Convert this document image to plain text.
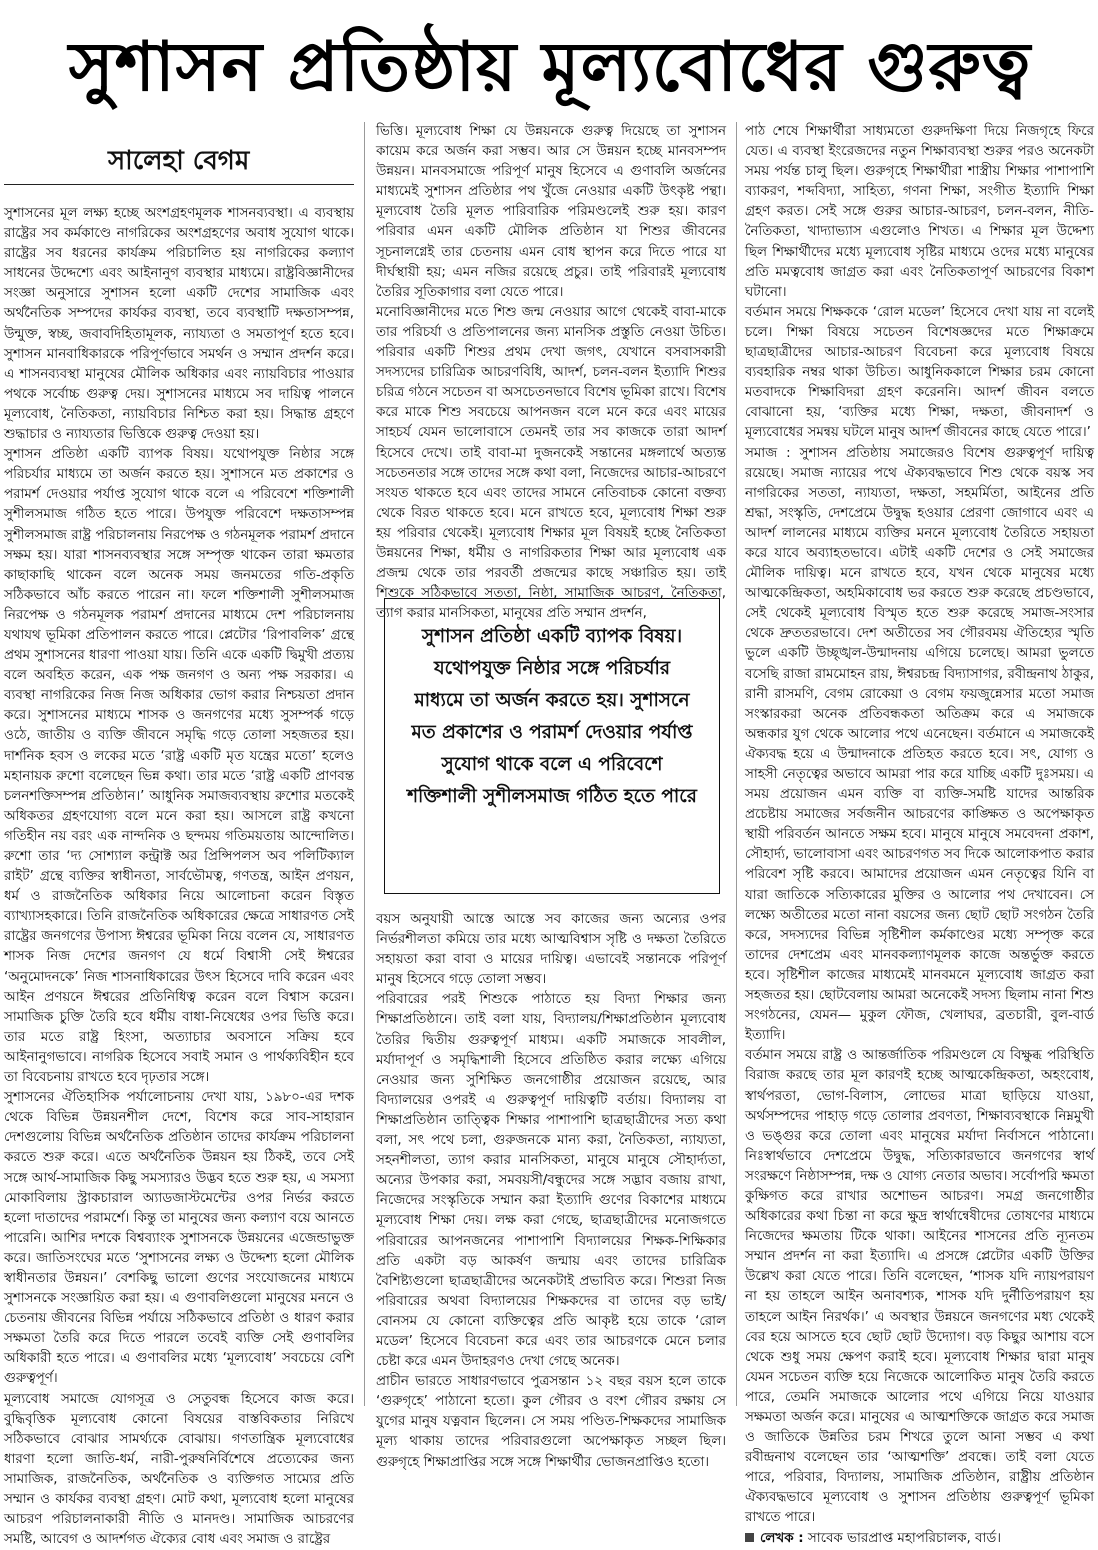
সুশাসন প্রতিষ্ঠায় মূল্যবোধের গুরুত্ব
সালেহা বেগম

সুশাসনের মূল লক্ষ্য হচ্ছে অংশগ্রহণমূলক শাসনব্যবস্থা। এ ব্যবস্থায় রাষ্ট্রের সব কর্মকাণ্ডে নাগরিকের অংশগ্রহণের অবাধ সুযোগ থাকে। রাষ্ট্রের সব ধরনের কার্যক্রম পরিচালিত হয় নাগরিকের কল্যাণ সাধনের উদ্দেশ্যে এবং আইনানুগ ব্যবস্থার মাধ্যমে। রাষ্ট্রবিজ্ঞানীদের সংজ্ঞা অনুসারে সুশাসন হলো একটি দেশের সামাজিক এবং অর্থনৈতিক সম্পদের কার্যকর ব্যবস্থা, তবে ব্যবস্থাটি দক্ষতাসম্পন্ন, উন্মুক্ত, স্বচ্ছ, জবাবদিহিতামূলক, ন্যায্যতা ও সমতাপূর্ণ হতে হবে। সুশাসন মানবাধিকারকে পরিপূর্ণভাবে সমর্থন ও সম্মান প্রদর্শন করে। এ শাসনব্যবস্থা মানুষের মৌলিক অধিকার এবং ন্যায়বিচার পাওয়ার পথকে সর্বোচ্চ গুরুত্ব দেয়। সুশাসনের মাধ্যমে সব দায়িত্ব পালনে মূল্যবোধ, নৈতিকতা, ন্যায়বিচার নিশ্চিত করা হয়। সিদ্ধান্ত গ্রহণে শুদ্ধাচার ও ন্যায্যতার ভিত্তিকে গুরুত্ব দেওয়া হয়।

সুশাসন প্রতিষ্ঠা একটি ব্যাপক বিষয়। যথোপযুক্ত নিষ্ঠার সঙ্গে পরিচর্যার মাধ্যমে তা অর্জন করতে হয়। সুশাসনে মত প্রকাশের ও পরামর্শ দেওয়ার পর্যাপ্ত সুযোগ থাকে বলে এ পরিবেশে শক্তিশালী সুশীলসমাজ গঠিত হতে পারে। উপযুক্ত পরিবেশে দক্ষতাসম্পন্ন সুশীলসমাজ রাষ্ট্র পরিচালনায় নিরপেক্ষ ও গঠনমূলক পরামর্শ প্রদানে সক্ষম হয়। যারা শাসনব্যবস্থার সঙ্গে সম্পৃক্ত থাকেন তারা ক্ষমতার কাছাকাছি থাকেন বলে অনেক সময় জনমতের গতি-প্রকৃতি সঠিকভাবে আঁচ করতে পারেন না। ফলে শক্তিশালী সুশীলসমাজ নিরপেক্ষ ও গঠনমূলক পরামর্শ প্রদানের মাধ্যমে দেশ পরিচালনায় যথাযথ ভূমিকা প্রতিপালন করতে পারে। প্লেটোর ‘রিপাবলিক’ গ্রন্থে প্রথম সুশাসনের ধারণা পাওয়া যায়। তিনি একে একটি দ্বিমুখী প্রত্যয় বলে অবহিত করেন, এক পক্ষ জনগণ ও অন্য পক্ষ সরকার। এ ব্যবস্থা নাগরিকের নিজ নিজ অধিকার ভোগ করার নিশ্চয়তা প্রদান করে। সুশাসনের মাধ্যমে শাসক ও জনগণের মধ্যে সুসম্পর্ক গড়ে ওঠে, জাতীয় ও ব্যক্তি জীবনে সমৃদ্ধি গড়ে তোলা সহজতর হয়। দার্শনিক হবস ও লকের মতে ‘রাষ্ট্র একটি মৃত যন্ত্রের মতো’ হলেও মহানায়ক রুশো বলেছেন ভিন্ন কথা। তার মতে ‘রাষ্ট্র একটি প্রাণবন্ত চলনশক্তিসম্পন্ন প্রতিষ্ঠান।’ আধুনিক সমাজব্যবস্থায় রুশোর মতকেই অধিকতর গ্রহণযোগ্য বলে মনে করা হয়। আসলে রাষ্ট্র কখনো গতিহীন নয় বরং এক নান্দনিক ও ছন্দময় গতিময়তায় আন্দোলিত। রুশো তার ‘দ্য সোশ্যাল কন্ট্রাক্ট অর প্রিন্সিপলস অব পলিটিক্যাল রাইট’ গ্রন্থে ব্যক্তির স্বাধীনতা, সার্বভৌমত্ব, গণতন্ত্র, আইন প্রণয়ন, ধর্ম ও রাজনৈতিক অধিকার নিয়ে আলোচনা করেন বিস্তৃত ব্যাখ্যাসহকারে। তিনি রাজনৈতিক অধিকারের ক্ষেত্রে সাধারণত সেই রাষ্ট্রের জনগণের উপাস্য ঈশ্বরের ভূমিকা নিয়ে বলেন যে, সাধারণত শাসক নিজ দেশের জনগণ যে ধর্মে বিশ্বাসী সেই ঈশ্বরের ‘অনুমোদনকে’ নিজ শাসনাধিকারের উৎস হিসেবে দাবি করেন এবং আইন প্রণয়নে ঈশ্বরের প্রতিনিধিত্ব করেন বলে বিশ্বাস করেন। সামাজিক চুক্তি তৈরি হবে ধর্মীয় বাধা-নিষেধের ওপর ভিত্তি করে। তার মতে রাষ্ট্র হিংসা, অত্যাচার অবসানে সক্রিয় হবে আইনানুগভাবে। নাগরিক হিসেবে সবাই সমান ও পার্থক্যবিহীন হবে তা বিবেচনায় রাখতে হবে দৃঢ়তার সঙ্গে।

সুশাসনের ঐতিহাসিক পর্যালোচনায় দেখা যায়, ১৯৮০-এর দশক থেকে বিভিন্ন উন্নয়নশীল দেশে, বিশেষ করে সাব-সাহারান দেশগুলোয় বিভিন্ন অর্থনৈতিক প্রতিষ্ঠান তাদের কার্যক্রম পরিচালনা করতে শুরু করে। এতে অর্থনৈতিক উন্নয়ন হয় ঠিকই, তবে সেই সঙ্গে আর্থ-সামাজিক কিছু সমস্যারও উদ্ভব হতে শুরু হয়, এ সমস্যা মোকাবিলায় স্ট্রাকচারাল অ্যাডজাস্টমেন্টের ওপর নির্ভর করতে হলো দাতাদের পরামর্শে। কিন্তু তা মানুষের জন্য কল্যাণ বয়ে আনতে পারেনি। আশির দশকে বিশ্বব্যাংক সুশাসনকে উন্নয়নের এজেন্ডাভুক্ত করে। জাতিসংঘের মতে ‘সুশাসনের লক্ষ্য ও উদ্দেশ্য হলো মৌলিক স্বাধীনতার উন্নয়ন।’ বেশকিছু ভালো গুণের সংযোজনের মাধ্যমে সুশাসনকে সংজ্ঞায়িত করা হয়। এ গুণাবলিগুলো মানুষের মননে ও চেতনায় জীবনের বিভিন্ন পর্যায়ে সঠিকভাবে প্রতিষ্ঠা ও ধারণ করার সক্ষমতা তৈরি করে দিতে পারলে তবেই ব্যক্তি সেই গুণাবলির অধিকারী হতে পারে। এ গুণাবলির মধ্যে ‘মূল্যবোধ’ সবচেয়ে বেশি গুরুত্বপূর্ণ।

মূল্যবোধ সমাজে যোগসূত্র ও সেতুবন্ধ হিসেবে কাজ করে। বুদ্ধিবৃত্তিক মূল্যবোধ কোনো বিষয়ের বাস্তবিকতার নিরিখে সঠিকভাবে বোঝার সামর্থ্যকে বোঝায়। গণতান্ত্রিক মূল্যবোধের ধারণা হলো জাতি-ধর্ম, নারী-পুরুষনির্বিশেষে প্রত্যেকের জন্য সামাজিক, রাজনৈতিক, অর্থনৈতিক ও ব্যক্তিগত সাম্যের প্রতি সম্মান ও কার্যকর ব্যবস্থা গ্রহণ। মোট কথা, মূল্যবোধ হলো মানুষের আচরণ পরিচালনাকারী নীতি ও মানদণ্ড। সামাজিক আচরণের সমষ্টি, আবেগ ও আদর্শগত ঐক্যের বোধ এবং সমাজ ও রাষ্ট্রের

ভিত্তি। মূল্যবোধ শিক্ষা যে উন্নয়নকে গুরুত্ব দিয়েছে তা সুশাসন কায়েম করে অর্জন করা সম্ভব। আর সে উন্নয়ন হচ্ছে মানবসম্পদ উন্নয়ন। মানবসমাজে পরিপূর্ণ মানুষ হিসেবে এ গুণাবলি অর্জনের মাধ্যমেই সুশাসন প্রতিষ্ঠার পথ খুঁজে নেওয়ার একটি উৎকৃষ্ট পন্থা। মূল্যবোধ তৈরি মূলত পারিবারিক পরিমণ্ডলেই শুরু হয়। কারণ পরিবার এমন একটি মৌলিক প্রতিষ্ঠান যা শিশুর জীবনের সূচনালগ্নেই তার চেতনায় এমন বোধ স্থাপন করে দিতে পারে যা দীর্ঘস্থায়ী হয়; এমন নজির রয়েছে প্রচুর। তাই পরিবারই মূল্যবোধ তৈরির সূতিকাগার বলা যেতে পারে।

মনোবিজ্ঞানীদের মতে শিশু জন্ম নেওয়ার আগে থেকেই বাবা-মাকে তার পরিচর্যা ও প্রতিপালনের জন্য মানসিক প্রস্তুতি নেওয়া উচিত। পরিবার একটি শিশুর প্রথম দেখা জগৎ, যেখানে বসবাসকারী সদস্যদের চারিত্রিক আচরণবিধি, আদর্শ, চলন-বলন ইত্যাদি শিশুর চরিত্র গঠনে সচেতন বা অসচেতনভাবে বিশেষ ভূমিকা রাখে। বিশেষ করে মাকে শিশু সবচেয়ে আপনজন বলে মনে করে এবং মায়ের সাহচর্য যেমন ভালোবাসে তেমনই তার সব কাজকে তারা আদর্শ হিসেবে দেখে। তাই বাবা-মা দুজনকেই সন্তানের মঙ্গলার্থে অত্যন্ত সচেতনতার সঙ্গে তাদের সঙ্গে কথা বলা, নিজেদের আচার-আচরণে সংযত থাকতে হবে এবং তাদের সামনে নেতিবাচক কোনো বক্তব্য থেকে বিরত থাকতে হবে। মনে রাখতে হবে, মূল্যবোধ শিক্ষা শুরু হয় পরিবার থেকেই। মূল্যবোধ শিক্ষার মূল বিষয়ই হচ্ছে নৈতিকতা উন্নয়নের শিক্ষা, ধর্মীয় ও নাগরিকতার শিক্ষা আর মূল্যবোধ এক প্রজন্ম থেকে তার পরবর্তী প্রজন্মের কাছে সঞ্চারিত হয়। তাই শিশুকে সঠিকভাবে সততা, নিষ্ঠা, সামাজিক আচরণ, নৈতিকতা, ত্যাগ করার মানসিকতা, মানুষের প্রতি সম্মান প্রদর্শন,

সুশাসন প্রতিষ্ঠা একটি ব্যাপক বিষয়। যথোপযুক্ত নিষ্ঠার সঙ্গে পরিচর্যার মাধ্যমে তা অর্জন করতে হয়। সুশাসনে মত প্রকাশের ও পরামর্শ দেওয়ার পর্যাপ্ত সুযোগ থাকে বলে এ পরিবেশে শক্তিশালী সুশীলসমাজ গঠিত হতে পারে

বয়স অনুযায়ী আস্তে আস্তে সব কাজের জন্য অন্যের ওপর নির্ভরশীলতা কমিয়ে তার মধ্যে আত্মবিশ্বাস সৃষ্টি ও দক্ষতা তৈরিতে সহায়তা করা বাবা ও মায়ের দায়িত্ব। এভাবেই সন্তানকে পরিপূর্ণ মানুষ হিসেবে গড়ে তোলা সম্ভব।

পরিবারের পরই শিশুকে পাঠাতে হয় বিদ্যা শিক্ষার জন্য শিক্ষাপ্রতিষ্ঠানে। তাই বলা যায়, বিদ্যালয়/শিক্ষাপ্রতিষ্ঠান মূল্যবোধ তৈরির দ্বিতীয় গুরুত্বপূর্ণ মাধ্যম। একটি সমাজকে সাবলীল, মর্যাদাপূর্ণ ও সমৃদ্ধিশালী হিসেবে প্রতিষ্ঠিত করার লক্ষ্যে এগিয়ে নেওয়ার জন্য সুশিক্ষিত জনগোষ্ঠীর প্রয়োজন রয়েছে, আর বিদ্যালয়ের ওপরই এ গুরুত্বপূর্ণ দায়িত্বটি বর্তায়। বিদ্যালয় বা শিক্ষাপ্রতিষ্ঠান তাত্ত্বিক শিক্ষার পাশাপাশি ছাত্রছাত্রীদের সত্য কথা বলা, সৎ পথে চলা, গুরুজনকে মান্য করা, নৈতিকতা, ন্যায্যতা, সহনশীলতা, ত্যাগ করার মানসিকতা, মানুষে মানুষে সৌহার্দ্যতা, অন্যের উপকার করা, সমবয়সী/বন্ধুদের সঙ্গে সদ্ভাব বজায় রাখা, নিজেদের সংস্কৃতিকে সম্মান করা ইত্যাদি গুণের বিকাশের মাধ্যমে মূল্যবোধ শিক্ষা দেয়। লক্ষ করা গেছে, ছাত্রছাত্রীদের মনোজগতে পরিবারের আপনজনের পাশাপাশি বিদ্যালয়ের শিক্ষক-শিক্ষিকার প্রতি একটা বড় আকর্ষণ জন্মায় এবং তাদের চারিত্রিক বৈশিষ্ট্যগুলো ছাত্রছাত্রীদের অনেকটাই প্রভাবিত করে। শিশুরা নিজ পরিবারের অথবা বিদ্যালয়ের শিক্ষকদের বা তাদের বড় ভাই/বোনসম যে কোনো ব্যক্তিত্বের প্রতি আকৃষ্ট হয়ে তাকে ‘রোল মডেল’ হিসেবে বিবেচনা করে এবং তার আচরণকে মেনে চলার চেষ্টা করে এমন উদাহরণও দেখা গেছে অনেক।

প্রাচীন ভারতে সাধারণভাবে পুত্রসন্তান ১২ বছর বয়স হলে তাকে ‘গুরুগৃহে’ পাঠানো হতো। কুল গৌরব ও বংশ গৌরব রক্ষায় সে যুগের মানুষ যত্নবান ছিলেন। সে সময় পণ্ডিত-শিক্ষকদের সামাজিক মূল্য থাকায় তাদের পরিবারগুলো অপেক্ষাকৃত সচ্ছল ছিল। গুরুগৃহে শিক্ষাপ্রাপ্তির সঙ্গে সঙ্গে শিক্ষার্থীর ভোজনপ্রাপ্তিও হতো।

পাঠ শেষে শিক্ষার্থীরা সাধ্যমতো গুরুদক্ষিণা দিয়ে নিজগৃহে ফিরে যেত। এ ব্যবস্থা ইংরেজদের নতুন শিক্ষাব্যবস্থা শুরুর পরও অনেকটা সময় পর্যন্ত চালু ছিল। গুরুগৃহে শিক্ষার্থীরা শাস্ত্রীয় শিক্ষার পাশাপাশি ব্যাকরণ, শব্দবিদ্যা, সাহিত্য, গণনা শিক্ষা, সংগীত ইত্যাদি শিক্ষা গ্রহণ করত। সেই সঙ্গে গুরুর আচার-আচরণ, চলন-বলন, নীতি-নৈতিকতা, খাদ্যাভ্যাস এগুলোও শিখত। এ শিক্ষার মূল উদ্দেশ্য ছিল শিক্ষার্থীদের মধ্যে মূল্যবোধ সৃষ্টির মাধ্যমে ওদের মধ্যে মানুষের প্রতি মমত্ববোধ জাগ্রত করা এবং নৈতিকতাপূর্ণ আচরণের বিকাশ ঘটানো।

বর্তমান সময়ে শিক্ষককে ‘রোল মডেল’ হিসেবে দেখা যায় না বলেই চলে। শিক্ষা বিষয়ে সচেতন বিশেষজ্ঞদের মতে শিক্ষাক্রমে ছাত্রছাত্রীদের আচার-আচরণ বিবেচনা করে মূল্যবোধ বিষয়ে ব্যবহারিক নম্বর থাকা উচিত। আধুনিককালে শিক্ষার চরম কোনো মতবাদকে শিক্ষাবিদরা গ্রহণ করেননি। আদর্শ জীবন বলতে বোঝানো হয়, ‘ব্যক্তির মধ্যে শিক্ষা, দক্ষতা, জীবনাদর্শ ও মূল্যবোধের সমন্বয় ঘটলে মানুষ আদর্শ জীবনের কাছে যেতে পারে।’

সমাজ : সুশাসন প্রতিষ্ঠায় সমাজেরও বিশেষ গুরুত্বপূর্ণ দায়িত্ব রয়েছে। সমাজ ন্যায়ের পথে ঐক্যবদ্ধভাবে শিশু থেকে বয়স্ক সব নাগরিকের সততা, ন্যায্যতা, দক্ষতা, সহমর্মিতা, আইনের প্রতি শ্রদ্ধা, সংস্কৃতি, দেশপ্রেমে উদ্বুদ্ধ হওয়ার প্রেরণা জোগাবে এবং এ আদর্শ লালনের মাধ্যমে ব্যক্তির মননে মূল্যবোধ তৈরিতে সহায়তা করে যাবে অব্যাহতভাবে। এটাই একটি দেশের ও সেই সমাজের মৌলিক দায়িত্ব। মনে রাখতে হবে, যখন থেকে মানুষের মধ্যে আত্মকেন্দ্রিকতা, অহমিকাবোধ ভর করতে শুরু করেছে প্রচণ্ডভাবে, সেই থেকেই মূল্যবোধ বিস্মৃত হতে শুরু করেছে সমাজ-সংসার থেকে দ্রুততরভাবে। দেশ অতীতের সব গৌরবময় ঐতিহ্যের স্মৃতি ভুলে একটি উচ্ছৃঙ্খল-উন্মাদনায় এগিয়ে চলেছে। আমরা ভুলতে বসেছি রাজা রামমোহন রায়, ঈশ্বরচন্দ্র বিদ্যাসাগর, রবীন্দ্রনাথ ঠাকুর, রানী রাসমণি, বেগম রোকেয়া ও বেগম ফয়জুন্নেসার মতো সমাজ সংস্কারকরা অনেক প্রতিবন্ধকতা অতিক্রম করে এ সমাজকে অন্ধকার যুগ থেকে আলোর পথে এনেছেন। বর্তমানে এ সমাজকেই ঐক্যবদ্ধ হয়ে এ উন্মাদনাকে প্রতিহত করতে হবে। সৎ, যোগ্য ও সাহসী নেতৃত্বের অভাবে আমরা পার করে যাচ্ছি একটি দুঃসময়। এ সময় প্রয়োজন এমন ব্যক্তি বা ব্যক্তি-সমষ্টি যাদের আন্তরিক প্রচেষ্টায় সমাজের সর্বজনীন আচরণের কাঙ্ক্ষিত ও অপেক্ষাকৃত স্থায়ী পরিবর্তন আনতে সক্ষম হবে। মানুষে মানুষে সমবেদনা প্রকাশ, সৌহার্দ্য, ভালোবাসা এবং আচরণগত সব দিকে আলোকপাত করার পরিবেশ সৃষ্টি করবে। আমাদের প্রয়োজন এমন নেতৃত্বের যিনি বা যারা জাতিকে সত্যিকারের মুক্তির ও আলোর পথ দেখাবেন। সে লক্ষ্যে অতীতের মতো নানা বয়সের জন্য ছোট ছোট সংগঠন তৈরি করে, সদস্যদের বিভিন্ন সৃষ্টিশীল কর্মকাণ্ডের মধ্যে সম্পৃক্ত করে তাদের দেশপ্রেম এবং মানবকল্যাণমূলক কাজে অন্তর্ভুক্ত করতে হবে। সৃষ্টিশীল কাজের মাধ্যমেই মানবমনে মূল্যবোধ জাগ্রত করা সহজতর হয়। ছোটবেলায় আমরা অনেকেই সদস্য ছিলাম নানা শিশু সংগঠনের, যেমন— মুকুল ফৌজ, খেলাঘর, ব্রতচারী, বুল-বার্ড ইত্যাদি।

বর্তমান সময়ে রাষ্ট্র ও আন্তর্জাতিক পরিমণ্ডলে যে বিক্ষুব্ধ পরিস্থিতি বিরাজ করছে তার মূল কারণই হচ্ছে আত্মকেন্দ্রিকতা, অহংবোধ, স্বার্থপরতা, ভোগ-বিলাস, লোভের মাত্রা ছাড়িয়ে যাওয়া, অর্থসম্পদের পাহাড় গড়ে তোলার প্রবণতা, শিক্ষাব্যবস্থাকে নিম্নমুখী ও ভঙ্গুর করে তোলা এবং মানুষের মর্যাদা নির্বাসনে পাঠানো। নিঃস্বার্থভাবে দেশপ্রেমে উদ্বুদ্ধ, সত্যিকারভাবে জনগণের স্বার্থ সংরক্ষণে নিষ্ঠাসম্পন্ন, দক্ষ ও যোগ্য নেতার অভাব। সর্বোপরি ক্ষমতা কুক্ষিগত করে রাখার অশোভন আচরণ। সমগ্র জনগোষ্ঠীর অধিকারের কথা চিন্তা না করে ক্ষুদ্র স্বার্থান্বেষীদের তোষণের মাধ্যমে নিজেদের ক্ষমতায় টিকে থাকা। আইনের শাসনের প্রতি ন্যূনতম সম্মান প্রদর্শন না করা ইত্যাদি। এ প্রসঙ্গে প্লেটোর একটি উক্তির উল্লেখ করা যেতে পারে। তিনি বলেছেন, ‘শাসক যদি ন্যায়পরায়ণ না হয় তাহলে আইন অনাবশ্যক, শাসক যদি দুর্নীতিপরায়ণ হয় তাহলে আইন নিরর্থক।’ এ অবস্থার উন্নয়নে জনগণের মধ্য থেকেই বের হয়ে আসতে হবে ছোট ছোট উদ্যোগ। বড় কিছুর আশায় বসে থেকে শুধু সময় ক্ষেপণ করাই হবে। মূল্যবোধ শিক্ষার দ্বারা মানুষ যেমন সচেতন ব্যক্তি হয়ে নিজেকে আলোকিত মানুষ তৈরি করতে পারে, তেমনি সমাজকে আলোর পথে এগিয়ে নিয়ে যাওয়ার সক্ষমতা অর্জন করে। মানুষের এ আত্মশক্তিকে জাগ্রত করে সমাজ ও জাতিকে উন্নতির চরম শিখরে তুলে আনা সম্ভব এ কথা রবীন্দ্রনাথ বলেছেন তার ‘আত্মশক্তি’ প্রবন্ধে। তাই বলা যেতে পারে, পরিবার, বিদ্যালয়, সামাজিক প্রতিষ্ঠান, রাষ্ট্রীয় প্রতিষ্ঠান ঐক্যবদ্ধভাবে মূল্যবোধ ও সুশাসন প্রতিষ্ঠায় গুরুত্বপূর্ণ ভূমিকা রাখতে পারে।

লেখক : সাবেক ভারপ্রাপ্ত মহাপরিচালক, বার্ড।
